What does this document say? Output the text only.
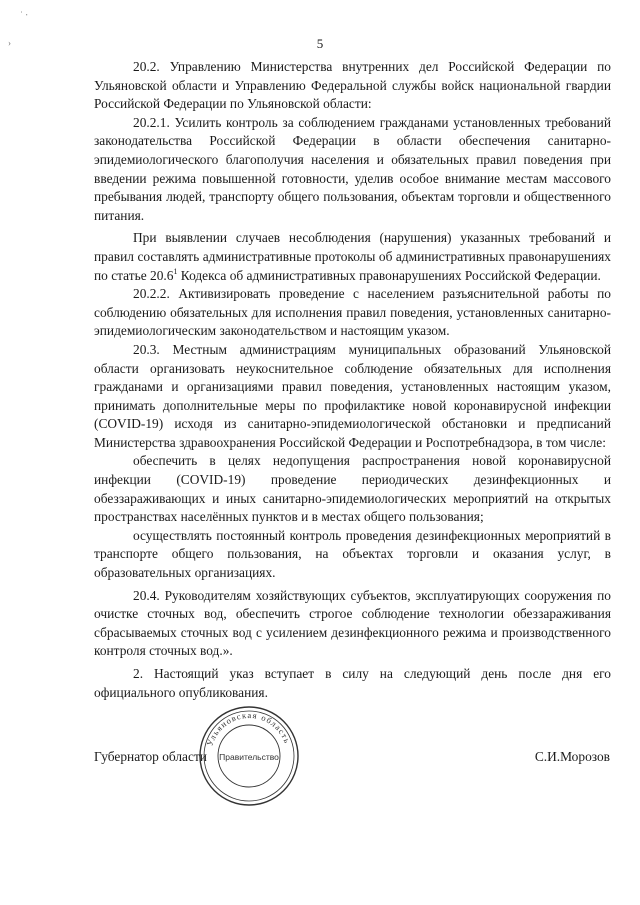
˙ ‧
›	5

20.2. Управлению Министерства внутренних дел Российской Федерации по Ульяновской области и Управлению Федеральной службы войск национальной гвардии Российской Федерации по Ульяновской области:

20.2.1. Усилить контроль за соблюдением гражданами установленных требований законодательства Российской Федерации в области обеспечения санитарно-эпидемиологического благополучия населения и обязательных правил поведения при введении режима повышенной готовности, уделив особое внимание местам массового пребывания людей, транспорту общего пользования, объектам торговли и общественного питания.

При выявлении случаев несоблюдения (нарушения) указанных требований и правил составлять административные протоколы об административных правонарушениях по статье 20.6$^1$ Кодекса об административных правонарушениях Российской Федерации.

20.2.2. Активизировать проведение с населением разъяснительной работы по соблюдению обязательных для исполнения правил поведения, установленных санитарно-эпидемиологическим законодательством и настоящим указом.

20.3. Местным администрациям муниципальных образований Ульяновской области организовать неукоснительное соблюдение обязательных для исполнения гражданами и организациями правил поведения, установленных настоящим указом, принимать дополнительные меры по профилактике новой коронавирусной инфекции (COVID-19) исходя из санитарно-эпидемиологической обстановки и предписаний Министерства здравоохранения Российской Федерации и Роспотребнадзора, в том числе:

обеспечить в целях недопущения распространения новой коронавирусной инфекции (COVID-19) проведение периодических дезинфекционных и обеззараживающих и иных санитарно-эпидемиологических мероприятий на открытых пространствах населённых пунктов и в местах общего пользования;

осуществлять постоянный контроль проведения дезинфекционных мероприятий в транспорте общего пользования, на объектах торговли и оказания услуг, в образовательных организациях.

20.4. Руководителям хозяйствующих субъектов, эксплуатирующих сооружения по очистке сточных вод, обеспечить строгое соблюдение технологии обеззараживания сбрасываемых сточных вод с усилением дезинфекционного режима и производственного контроля сточных вод.».

2. Настоящий указ вступает в силу на следующий день после дня его официального опубликования.

Губернатор области	С.И.Морозов
Ульяновская область
Правительство
